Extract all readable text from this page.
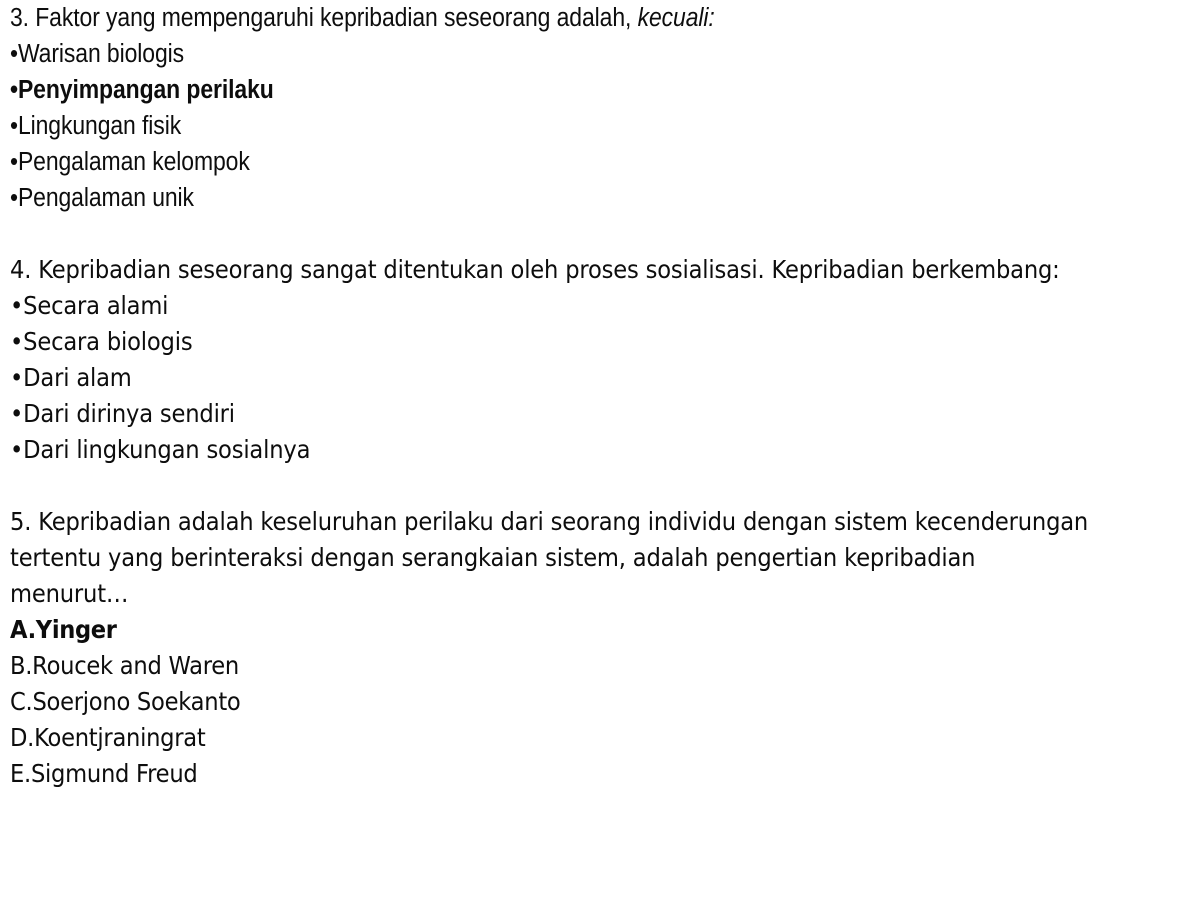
3. Faktor yang mempengaruhi kepribadian seseorang adalah, kecuali:
•Warisan biologis
•Penyimpangan perilaku
•Lingkungan fisik
•Pengalaman kelompok
•Pengalaman unik
4. Kepribadian seseorang sangat ditentukan oleh proses sosialisasi. Kepribadian berkembang:
•Secara alami
•Secara biologis
•Dari alam
•Dari dirinya sendiri
•Dari lingkungan sosialnya
5. Kepribadian adalah keseluruhan perilaku dari seorang individu dengan sistem kecenderungan
tertentu yang berinteraksi dengan serangkaian sistem, adalah pengertian kepribadian
menurut…
A.Yinger
B.Roucek and Waren
C.Soerjono Soekanto
D.Koentjraningrat
E.Sigmund Freud
